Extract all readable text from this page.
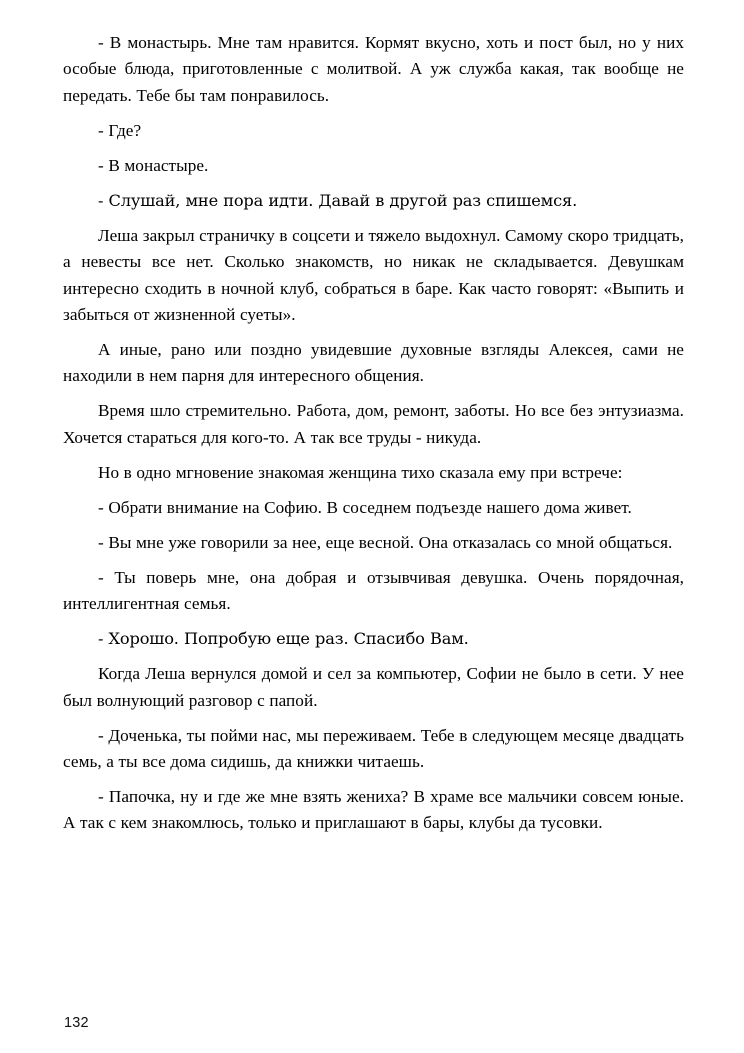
- В монастырь. Мне там нравится. Кормят вкусно, хоть и пост был, но у них особые блюда, приготовленные с молитвой. А уж служба какая, так вообще не передать. Тебе бы там понравилось.

- Где?

- В монастыре.

- Слушай, мне пора идти. Давай в другой раз спишемся.

Леша закрыл страничку в соцсети и тяжело выдохнул. Самому скоро тридцать, а невесты все нет. Сколько знакомств, но никак не складывается. Девушкам интересно сходить в ночной клуб, собраться в баре. Как часто говорят: «Выпить и забыться от жизненной суеты».

А иные, рано или поздно увидевшие духовные взгляды Алексея, сами не находили в нем парня для интересного общения.

Время шло стремительно. Работа, дом, ремонт, заботы. Но все без энтузиазма. Хочется стараться для кого-то. А так все труды - никуда.

Но в одно мгновение знакомая женщина тихо сказала ему при встрече:

- Обрати внимание на Софию. В соседнем подъезде нашего дома живет.

- Вы мне уже говорили за нее, еще весной. Она отказалась со мной общаться.

- Ты поверь мне, она добрая и отзывчивая девушка. Очень порядочная, интеллигентная семья.

- Хорошо. Попробую еще раз. Спасибо Вам.

Когда Леша вернулся домой и сел за компьютер, Софии не было в сети. У нее был волнующий разговор с папой.

- Доченька, ты пойми нас, мы переживаем. Тебе в следующем месяце двадцать семь, а ты все дома сидишь, да книжки читаешь.

- Папочка, ну и где же мне взять жениха? В храме все мальчики совсем юные. А так с кем знакомлюсь, только и приглашают в бары, клубы да тусовки.

132
